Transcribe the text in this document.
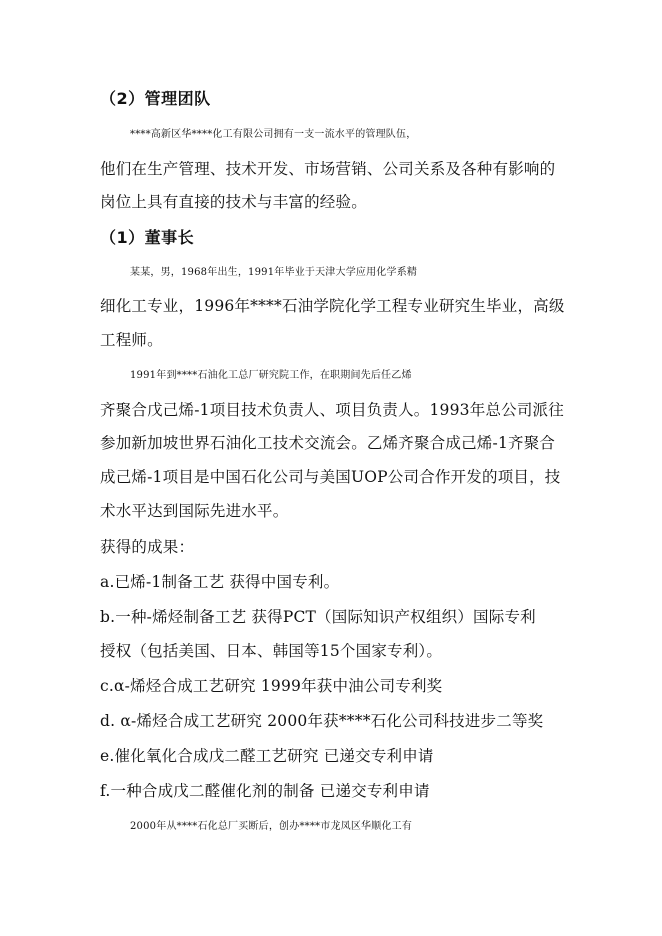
（2）管理团队
****高新区华****化工有限公司拥有一支一流水平的管理队伍，
他们在生产管理、技术开发、市场营销、公司关系及各种有影响的
岗位上具有直接的技术与丰富的经验。
（1）董事长
某某，男，1968年出生，1991年毕业于天津大学应用化学系精
细化工专业，1996年****石油学院化学工程专业研究生毕业，高级
工程师。
1991年到****石油化工总厂研究院工作，在职期间先后任乙烯
齐聚合戊己烯-1项目技术负责人、项目负责人。1993年总公司派往
参加新加坡世界石油化工技术交流会。乙烯齐聚合成己烯-1齐聚合
成己烯-1项目是中国石化公司与美国UOP公司合作开发的项目，技
术水平达到国际先进水平。
获得的成果：
a.已烯-1制备工艺 获得中国专利。
b.一种-烯烃制备工艺 获得PCT（国际知识产权组织）国际专利
授权（包括美国、日本、韩国等15个国家专利）。
c.α-烯烃合成工艺研究 1999年获中油公司专利奖
d. α-烯烃合成工艺研究 2000年获****石化公司科技进步二等奖
e.催化氧化合成戊二醛工艺研究 已递交专利申请
f.一种合成戊二醛催化剂的制备 已递交专利申请
2000年从****石化总厂买断后，创办****市龙凤区华顺化工有
